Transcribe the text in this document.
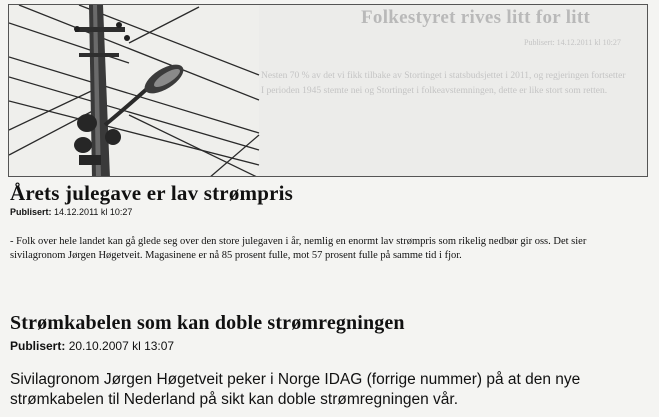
Folkestyret rives litt for litt
Publisert: 14.12.2011 kl 10:27
Nesten 70 % av det vi fikk tilbake av Stortinget i statsbudsjettet i 2011, og regjeringen fortsetter
I perioden 1945 stemte nei og Stortinget i folkeavstemningen, dette er like stort som retten.
Årets julegave er lav strømpris
Publisert: 14.12.2011 kl 10:27

- Folk over hele landet kan gå glede seg over den store julegaven i år, nemlig en enormt lav strømpris som rikelig nedbør gir oss. Det sier sivilagronom Jørgen Høgetveit. Magasinene er nå 85 prosent fulle, mot 57 prosent fulle på samme tid i fjor.

Strømkabelen som kan doble strømregningen
Publisert: 20.10.2007 kl 13:07

Sivilagronom Jørgen Høgetveit peker i Norge IDAG (forrige nummer) på at den nye strømkabelen til Nederland på sikt kan doble strømregningen vår.
